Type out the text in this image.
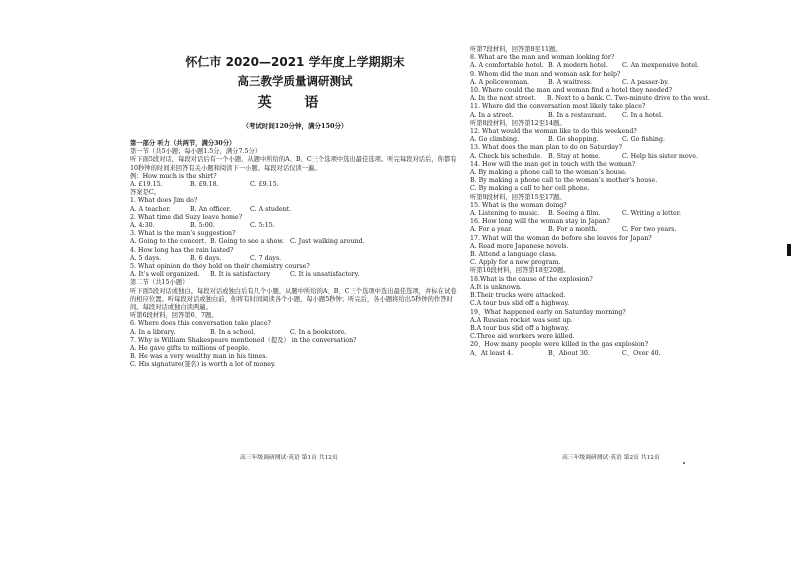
怀仁市 2020—2021 学年度上学期期末
高三教学质量调研测试
英 语
（考试时间120分钟，满分150分）
第一部分 听力（共两节，满分30分）
第一节（共5小题；每小题1.5分，满分7.5分）
听下面5段对话，每段对话后有一个小题，从题中所给的A、B、C三个选项中选出最佳选项。听完每段对话后，你都有10秒钟的时间来回答有关小题和阅读下一小题。每段对话仅读一遍。
例：How much is the shirt?
A. £19.15.	B. £9.18.	C. £9.15.
答案是C。
1. What does Jim do?
A. A teacher.	B. An officer.	C. A student.
2. What time did Suzy leave home?
A. 4:30.	B. 5:00.	C. 5:15.
3. What is the man’s suggestion?
A. Going to the concert. B. Going to see a show. C. Just walking around.
4. How long has the rain lasted?
A. 5 days.	B. 6 days.	C. 7 days.
5. What opinion do they hold on their chemistry course?
A. It’s well organized.	B. It is satisfactory	C. It is unsatisfactory.
第二节（共15小题）
听下面5段对话或独白。每段对话或独白后有几个小题，从题中所给的A、B、C三个选项中选出最佳选项，并标在试卷的相应位置。听每段对话或独白前，你将有时间阅读各个小题，每小题5秒钟；听完后，各小题将给出5秒钟的作答时间。每段对话或独白读两遍。
听第6段材料，回答第6、7题。
6. Where does this conversation take place?
A. In a library.	B. In a school.	C. In a bookstore.
7. Why is William Shakespeare mentioned（提及） in the conversation?
A. He gave gifts to millions of people.
B. He was a very wealthy man in his times.
C. His signature(签名) is worth a lot of money.
高三年级调研测试·英语 第1页 共12页
听第7段材料，回答第8至11题。
8. What are the man and woman looking for?
A. A comfortable hotel. B. A modern hotel.	C. An inexpensive hotel.
9. Whom did the man and woman ask for help?
A. A policewoman.	B. A waitress.	C. A passer-by.
10. Where could the man and woman find a hotel they needed?
A. In the next street.	B. Next to a bank. C. Two-minute drive to the west.
11. Where did the conversation most likely take place?
A. In a street.	B. In a restaurant.	C. In a hotel.
听第8段材料，回答第12至14题。
12. What would the woman like to do this weekend?
A. Go climbing.	B. Go shopping.	C. Go fishing.
13. What does the man plan to do on Saturday?
A. Check his schedule. B. Stay at home.	C. Help his sister move.
14. How will the man get in touch with the woman?
A. By making a phone call to the woman’s house.
B. By making a phone call to the woman’s mother’s house.
C. By making a call to her cell phone.
听第9段材料，回答第15至17题。
15. What is the woman doing?
A. Listening to music.	B. Seeing a film.	C. Writing a letter.
16. How long will the woman stay in Japan?
A. For a year.	B. For a month.	C. For two years.
17. What will the woman do before she leaves for Japan?
A. Read more Japanese novels.
B. Attend a language class.
C. Apply for a new program.
听第10段材料，回答第18至20题。
18.What is the cause of the explosion?
A.It is unknown.
B.Their trucks were attacked.
C.A tour bus slid off a highway.
19、What happened early on Saturday morning?
A.A Russian rocket was sent up.
B.A tour bus slid off a highway.
C.Three aid workers were killed.
20、How many people were killed in the gas explosion?
A、At least 4.	B、About 30.	C、Over 40.
高三年级调研测试·英语 第2页 共12页
